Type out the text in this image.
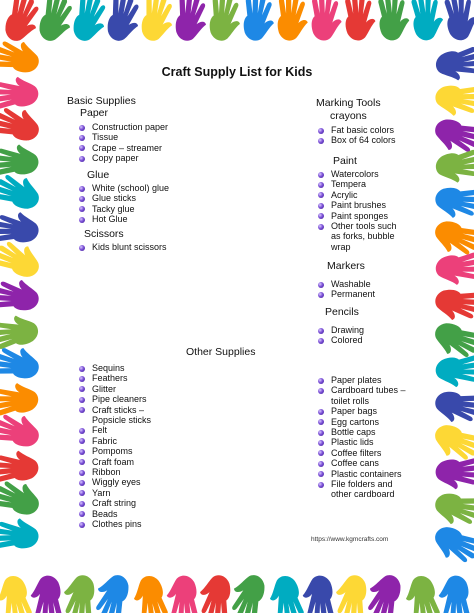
Craft Supply List for Kids
Basic Supplies
Paper
Construction paper
Tissue
Crape – streamer
Copy paper
Glue
White (school) glue
Glue sticks
Tacky glue
Hot Glue
Scissors
Kids blunt scissors
Marking Tools
crayons
Fat basic colors
Box of 64 colors
Paint
Watercolors
Tempera
Acrylic
Paint brushes
Paint sponges
Other tools such as forks, bubble wrap
Markers
Washable
Permanent
Pencils
Drawing
Colored
Other Supplies
Sequins
Feathers
Glitter
Pipe cleaners
Craft sticks – Popsicle sticks
Felt
Fabric
Pompoms
Craft foam
Ribbon
Wiggly eyes
Yarn
Craft string
Beads
Clothes pins
Paper plates
Cardboard tubes – toilet rolls
Paper bags
Egg cartons
Bottle caps
Plastic lids
Coffee filters
Coffee cans
Plastic containers
File folders and other cardboard
https://www.kgmcrafts.com
